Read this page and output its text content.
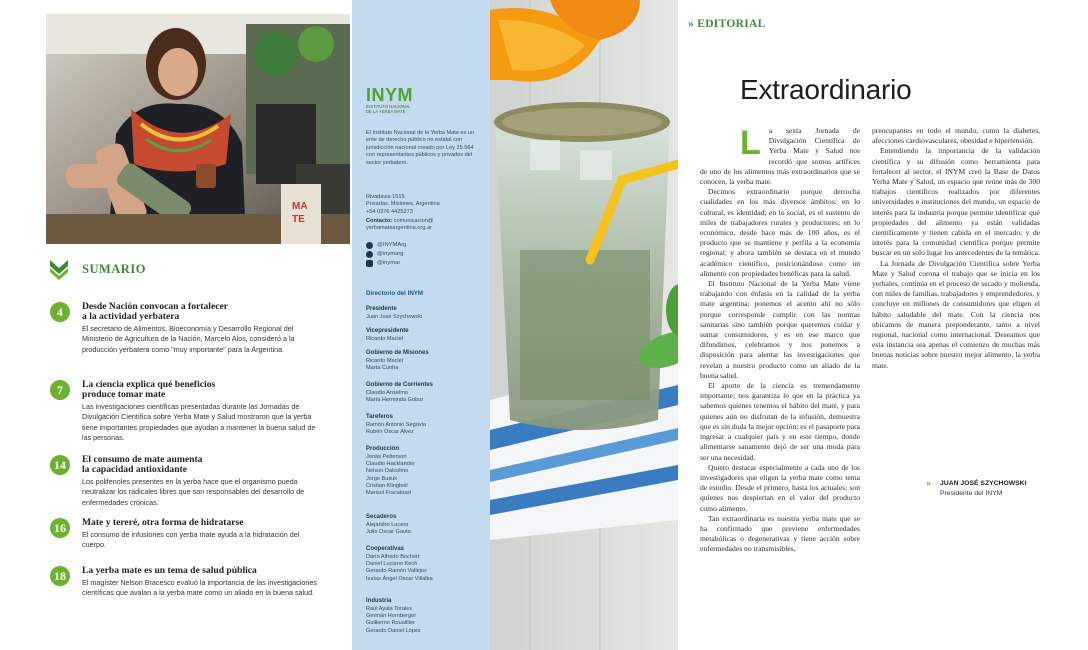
MA
TE
SUMARIO
4	Desde Nación convocan a fortalecer
a la actividad yerbatera
El secretario de Alimentos, Bioeconomía y Desarrollo Regional del Ministerio de Agricultura de la Nación, Marcelo Alos, consideró a la producción yerbatera como "muy importante" para la Argentina.
7	La ciencia explica qué beneficios
produce tomar mate
Las investigaciones científicas presentadas durante las Jornadas de Divulgación Científica sobre Yerba Mate y Salud mostraron que la yerba tiene importantes propiedades que ayudan a mantener la buena salud de las personas.
14	El consumo de mate aumenta
la capacidad antioxidante
Los polifenoles presentes en la yerba hace que el organismo pueda neutralizar los radicales libres que son responsables del desarrollo de enfermedades crónicas.
16	Mate y tereré, otra forma de hidratarse
El consumo de infusiones con yerba mate ayuda a la hidratación del cuerpo.
18	La yerba mate es un tema de salud pública
El magíster Nelson Bracesco evaluó la importancia de las investigaciones científicas que avalan a la yerba mate como un aliado en la buena salud.
INYM
INSTITUTO NACIONAL
DE LA YERBA MATE
El Instituto Nacional de la Yerba Mate es un ente de derecho público no estatal con jurisdicción nacional creado por Ley 25.564 con representantes públicos y privados del sector yerbatero.
Rivadavia 1515
Posadas, Misiones, Argentina
+54 0376 4425273
Contacto: comunicacion@
yerbamateargentina.org.ar
@INYMArg
@inymarg
@inymar
Directorio del INYM
Presidente
Juan José Szychowski
Vicepresidente
Ricardo Maciel
Gobierno de Misiones
Ricardo Maciel
Marta Cunha
Gobierno de Corrientes
Claudio Anselmo
María Herminda Gobur
Tareferos
Ramón Antonio Segovia
Rubén Oscar Alvez
Producción
Jonás Petterson
Claudio Hacklander
Nelson Dalcolmo
Jorge Butiuk
Cristian Klingbeil
Marisol Fracalossi
Secaderos
Alejandro Lucero
Julio Oscar Gauto
Cooperativas
Darío Alfredo Bochert
Daniel Luciano Kech
Gerardo Ramón Vallejos
Isaías Ángel Oscar Villalba
Industria
Raúl Ayala Torales
Germán Hornberger
Guillermo Rouaillier
Gerardo Daniel López
» EDITORIAL
Extraordinario
L	a sexta Jornada de Divulgación Científica de Yerba Mate y Salud nos recordó que somos artífices de uno de los alimentos más extraordinarios que se conocen, la yerba mate.

Decimos extraordinario porque derrocha cualidades en los más diversos ámbitos: en lo cultural, es identidad; en lo social, es el sustento de miles de trabajadores rurales y productores; en lo económico, desde hace más de 100 años, es el producto que se mantiene y perfila a la economía regional; y ahora también se destaca en el mundo académico científico, posicionándose como un alimento con propiedades benéficas para la salud.

El Instituto Nacional de la Yerba Mate viene trabajando con énfasis en la calidad de la yerba mate argentina; ponemos el acento ahí no sólo porque corresponde cumplir con las normas sanitarias sino también porque queremos cuidar y sumar consumidores, y es en ese marco que difundimos, celebramos y nos ponemos a disposición para alentar las investigaciones que revelan a nuestro producto como un aliado de la buena salud.

El aporte de la ciencia es tremendamente importante; nos garantiza lo que en la práctica ya sabemos quienes tenemos el hábito del mate, y para quienes aún no disfrutan de la infusión, demuestra que es sin duda la mejor opción; es el pasaporte para ingresar a cualquier país y en este tiempo, donde alimentarse sanamente dejó de ser una moda para ser una necesidad.

Quiero destacar especialmente a cada uno de los investigadores que eligen la yerba mate como tema de estudio. Desde el primero, hasta los actuales; son quienes nos despiertan en el valor del producto como alimento.

Tan extraordinaria es nuestra yerba mate que se ha confirmado que previene enfermedades metabólicas o degenerativas y tiene acción sobre enfermedades no transmisibles,

preocupantes en todo el mundo, como la diabetes, afecciones cardiovasculares, obesidad e hipertensión.

Entendiendo la importancia de la validación científica y su difusión como herramienta para fortalecer al sector, el INYM creó la Base de Datos Yerba Mate y Salud, un espacio que reúne más de 300 trabajos científicos realizados por diferentes universidades e instituciones del mundo, un espacio de interés para la industria porque permite identificar qué propiedades del alimento ya están validadas científicamente y tienen cabida en el mercado; y de interés para la comunidad científica porque permite buscar en un solo lugar los antecedentes de la temática.

La Jornada de Divulgación Científica sobre Yerba Mate y Salud corona el trabajo que se inicia en los yerbales, continúa en el proceso de secado y molienda, con miles de familias, trabajadores y emprendedores, y concluye en millones de consumidores que eligen el hábito saludable del mate. Con la ciencia nos ubicamos de manera preponderante, tanto a nivel regional, nacional como internacional. Deseamos que esta instancia sea apenas el comienzo de muchas más buenas noticias sobre nuestro mejor alimento, la yerba mate.

» JUAN JOSÉ SZYCHOWSKI
Presidente del INYM
